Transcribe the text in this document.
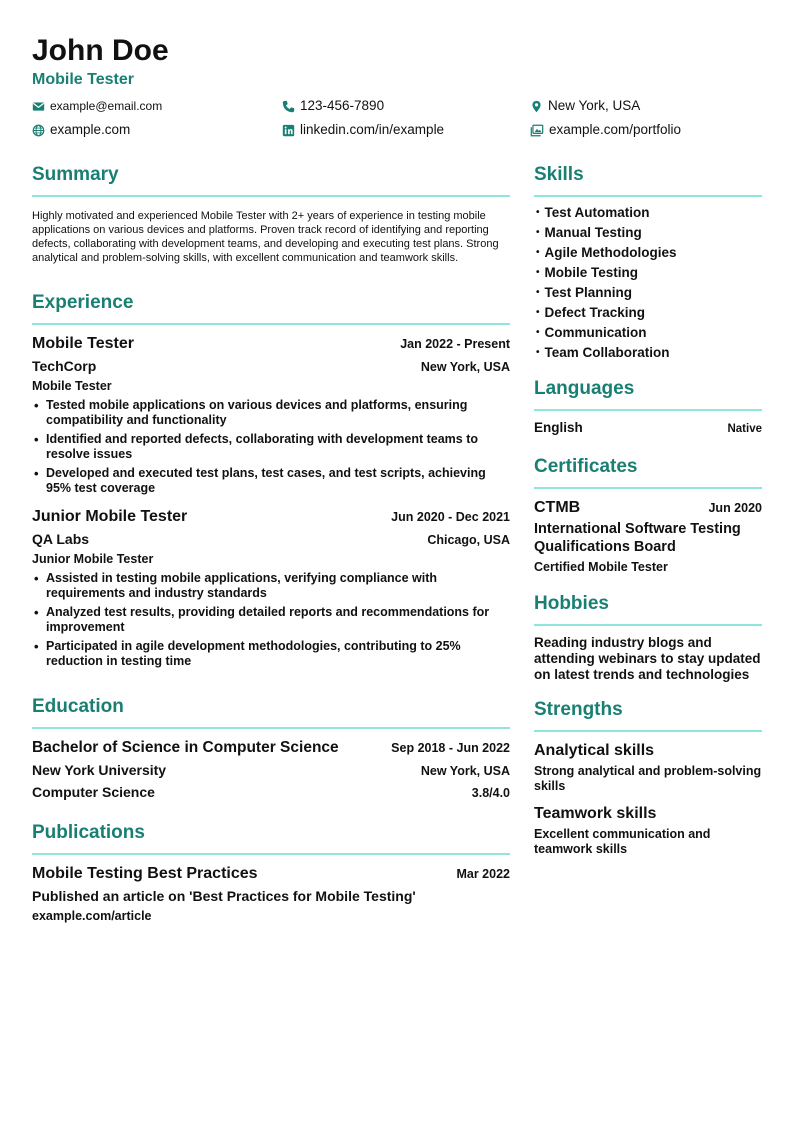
John Doe
Mobile Tester
example@email.com	123-456-7890	New York, USA
example.com	linkedin.com/in/example	example.com/portfolio
Summary
Highly motivated and experienced Mobile Tester with 2+ years of experience in testing mobile applications on various devices and platforms. Proven track record of identifying and reporting defects, collaborating with development teams, and developing and executing test plans. Strong analytical and problem-solving skills, with excellent communication and teamwork skills.
Experience
Mobile Tester	Jan 2022 - Present
TechCorp	New York, USA
Mobile Tester
• Tested mobile applications on various devices and platforms, ensuring compatibility and functionality
• Identified and reported defects, collaborating with development teams to resolve issues
• Developed and executed test plans, test cases, and test scripts, achieving 95% test coverage
Junior Mobile Tester	Jun 2020 - Dec 2021
QA Labs	Chicago, USA
Junior Mobile Tester
• Assisted in testing mobile applications, verifying compliance with requirements and industry standards
• Analyzed test results, providing detailed reports and recommendations for improvement
• Participated in agile development methodologies, contributing to 25% reduction in testing time
Education
Bachelor of Science in Computer Science	Sep 2018 - Jun 2022
New York University	New York, USA
Computer Science	3.8/4.0
Publications
Mobile Testing Best Practices	Mar 2022
Published an article on 'Best Practices for Mobile Testing'
example.com/article
Skills
• Test Automation
• Manual Testing
• Agile Methodologies
• Mobile Testing
• Test Planning
• Defect Tracking
• Communication
• Team Collaboration
Languages
English	Native
Certificates
CTMB	Jun 2020
International Software Testing Qualifications Board
Certified Mobile Tester
Hobbies
Reading industry blogs and attending webinars to stay updated on latest trends and technologies
Strengths
Analytical skills
Strong analytical and problem-solving skills
Teamwork skills
Excellent communication and teamwork skills
